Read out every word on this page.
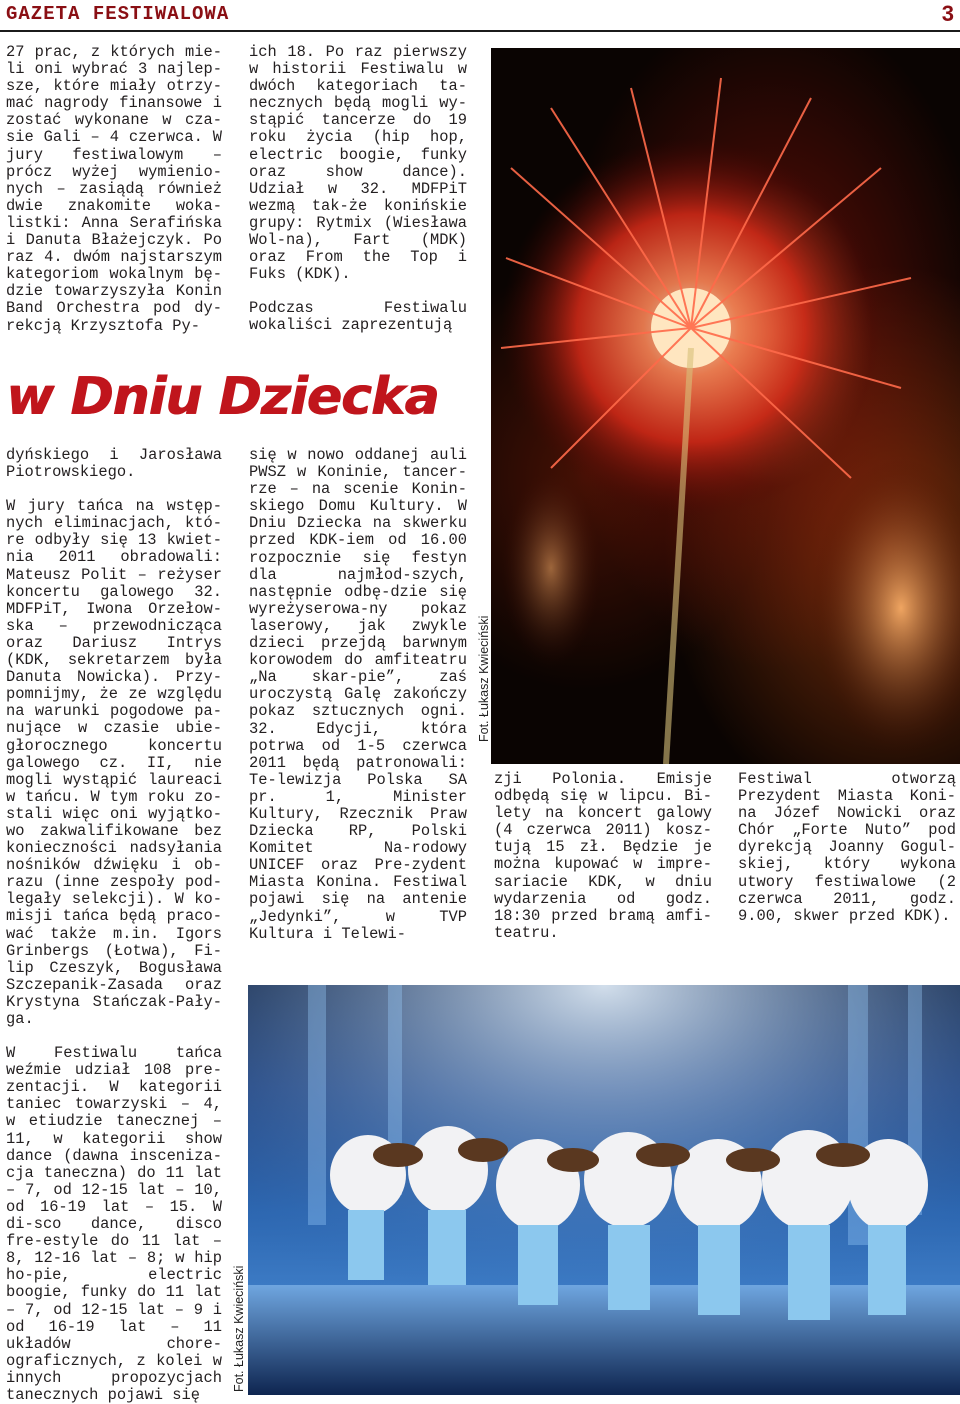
GAZETA FESTIWALOWA	3

27 prac, z których mie-li oni wybrać 3 najlep-sze, które miały otrzy-mać nagrody finansowe i zostać wykonane w cza-sie Gali – 4 czerwca. W jury festiwalowym – prócz wyżej wymienio-nych – zasiądą również dwie znakomite woka-listki: Anna Serafińska i Danuta Błażejczyk. Po raz 4. dwóm najstarszym kategoriom wokalnym bę-dzie towarzyszyła Konin Band Orchestra pod dy-rekcją Krzysztofa Py-

ich 18. Po raz pierwszy w historii Festiwalu w dwóch kategoriach ta-necznych będą mogli wy-stąpić tancerze do 19 roku życia (hip hop, electric boogie, funky oraz show dance). Udział w 32. MDFPiT wezmą tak-że konińskie grupy: Rytmix (Wiesława Wol-na), Fart (MDK) oraz From the Top i Fuks (KDK).

Podczas Festiwalu wokaliści zaprezentują

w Dniu Dziecka
Fot. Łukasz Kwieciński

dyńskiego i Jarosława Piotrowskiego.

W jury tańca na wstęp-nych eliminacjach, któ-re odbyły się 13 kwiet-nia 2011 obradowali: Mateusz Polit – reżyser koncertu galowego 32. MDFPiT, Iwona Orzełow-ska – przewodnicząca oraz Dariusz Intrys (KDK, sekretarzem była Danuta Nowicka). Przy-pomnijmy, że ze względu na warunki pogodowe pa-nujące w czasie ubie-głorocznego koncertu galowego cz. II, nie mogli wystąpić laureaci w tańcu. W tym roku zo-stali więc oni wyjątko-wo zakwalifikowane bez konieczności nadsyłania nośników dźwięku i ob-razu (inne zespoły pod-legały selekcji). W ko-misji tańca będą praco-wać także m.in. Igors Grinbergs (Łotwa), Fi-lip Czeszyk, Bogusława Szczepanik-Zasada oraz Krystyna Stańczak-Pały-ga.

W Festiwalu tańca weźmie udział 108 pre-zentacji. W kategorii taniec towarzyski – 4, w etiudzie tanecznej – 11, w kategorii show dance (dawna insceniza-cja taneczna) do 11 lat – 7, od 12-15 lat – 10, od 16-19 lat – 15. W di-sco dance, disco fre-estyle do 11 lat – 8, 12-16 lat – 8; w hip ho-pie, electric boogie, funky do 11 lat – 7, od 12-15 lat – 9 i od 16-19 lat – 11 układów chore-ograficznych, z kolei w innych propozycjach tanecznych pojawi się

się w nowo oddanej auli PWSZ w Koninie, tancer-rze – na scenie Konin-skiego Domu Kultury. W Dniu Dziecka na skwerku przed KDK-iem od 16.00 rozpocznie się festyn dla najmłod-szych, następnie odbę-dzie się wyreżyserowa-ny pokaz laserowy, jak zwykle dzieci przejdą barwnym korowodem do amfiteatru „Na skar-pie”, zaś uroczystą Galę zakończy pokaz sztucznych ogni. 32. Edycji, która potrwa od 1-5 czerwca 2011 będą patronowali: Te-lewizja Polska SA pr. 1, Minister Kultury, Rzecznik Praw Dziecka RP, Polski Komitet Na-rodowy UNICEF oraz Pre-zydent Miasta Konina. Festiwal pojawi się na antenie „Jedynki”, w TVP Kultura i Telewi-

zji Polonia. Emisje odbędą się w lipcu. Bi-lety na koncert galowy (4 czerwca 2011) kosz-tują 15 zł. Będzie je można kupować w impre-sariacie KDK, w dniu wydarzenia od godz. 18:30 przed bramą amfi-teatru.

Festiwal otworzą Prezydent Miasta Koni-na Józef Nowicki oraz Chór „Forte Nuto” pod dyrekcją Joanny Gogul-skiej, który wykona utwory festiwalowe (2 czerwca 2011, godz. 9.00, skwer przed KDK).

Fot. Łukasz Kwieciński
